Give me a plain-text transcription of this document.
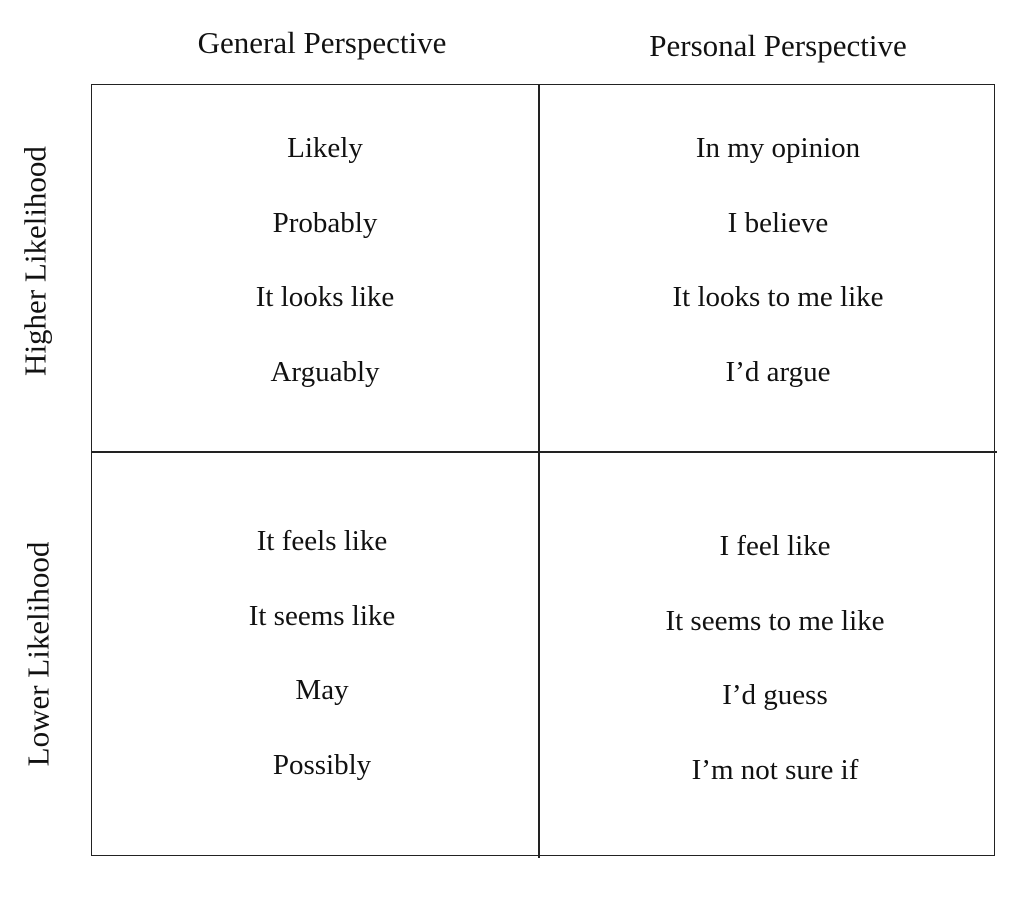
General Perspective	Personal Perspective
Higher Likelihood
Lower Likelihood
Likely
Probably
It looks like
Arguably
In my opinion
I believe
It looks to me like
I’d argue
It feels like
It seems like
May
Possibly
I feel like
It seems to me like
I’d guess
I’m not sure if
